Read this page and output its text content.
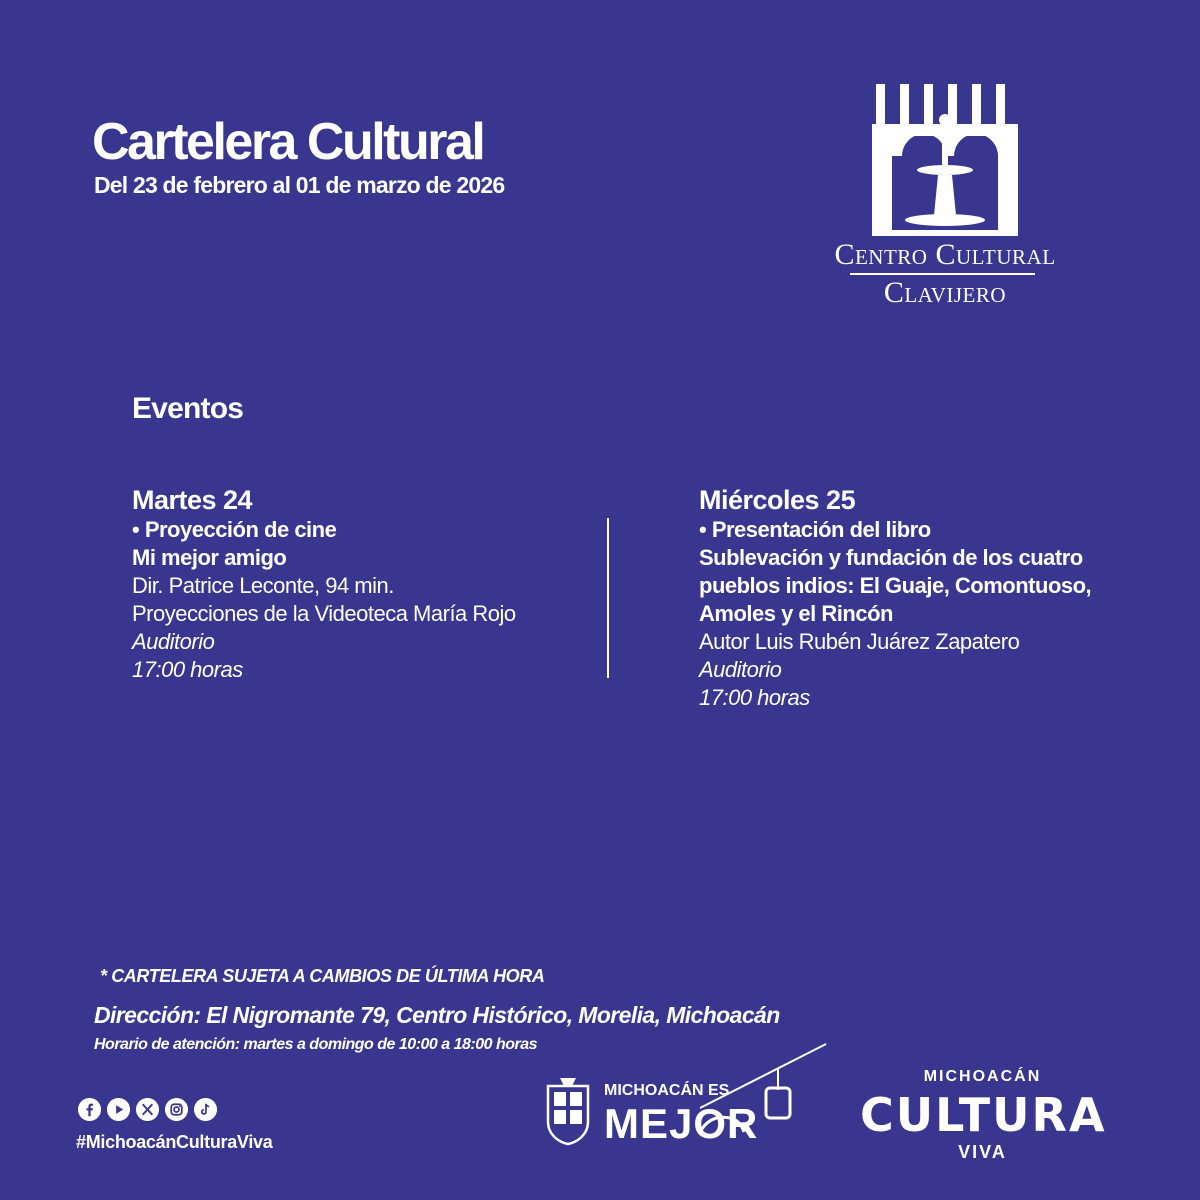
Cartelera Cultural
Del 23 de febrero al 01 de marzo de 2026
Centro Cultural
Clavijero
Eventos
Martes 24
• Proyección de cine
Mi mejor amigo
Dir. Patrice Leconte, 94 min.
Proyecciones de la Videoteca María Rojo
Auditorio
17:00 horas
Miércoles 25
• Presentación del libro
Sublevación y fundación de los cuatro pueblos indios: El Guaje, Comontuoso, Amoles y el Rincón
Autor Luis Rubén Juárez Zapatero
Auditorio
17:00 horas
* CARTELERA SUJETA A CAMBIOS DE ÚLTIMA HORA
Dirección: El Nigromante 79, Centro Histórico, Morelia, Michoacán
Horario de atención: martes a domingo de 10:00 a 18:00 horas
#MichoacánCulturaViva
MICHOACÁN ES
MEJOR
MICHOACÁN
CULTURA
VIVA
